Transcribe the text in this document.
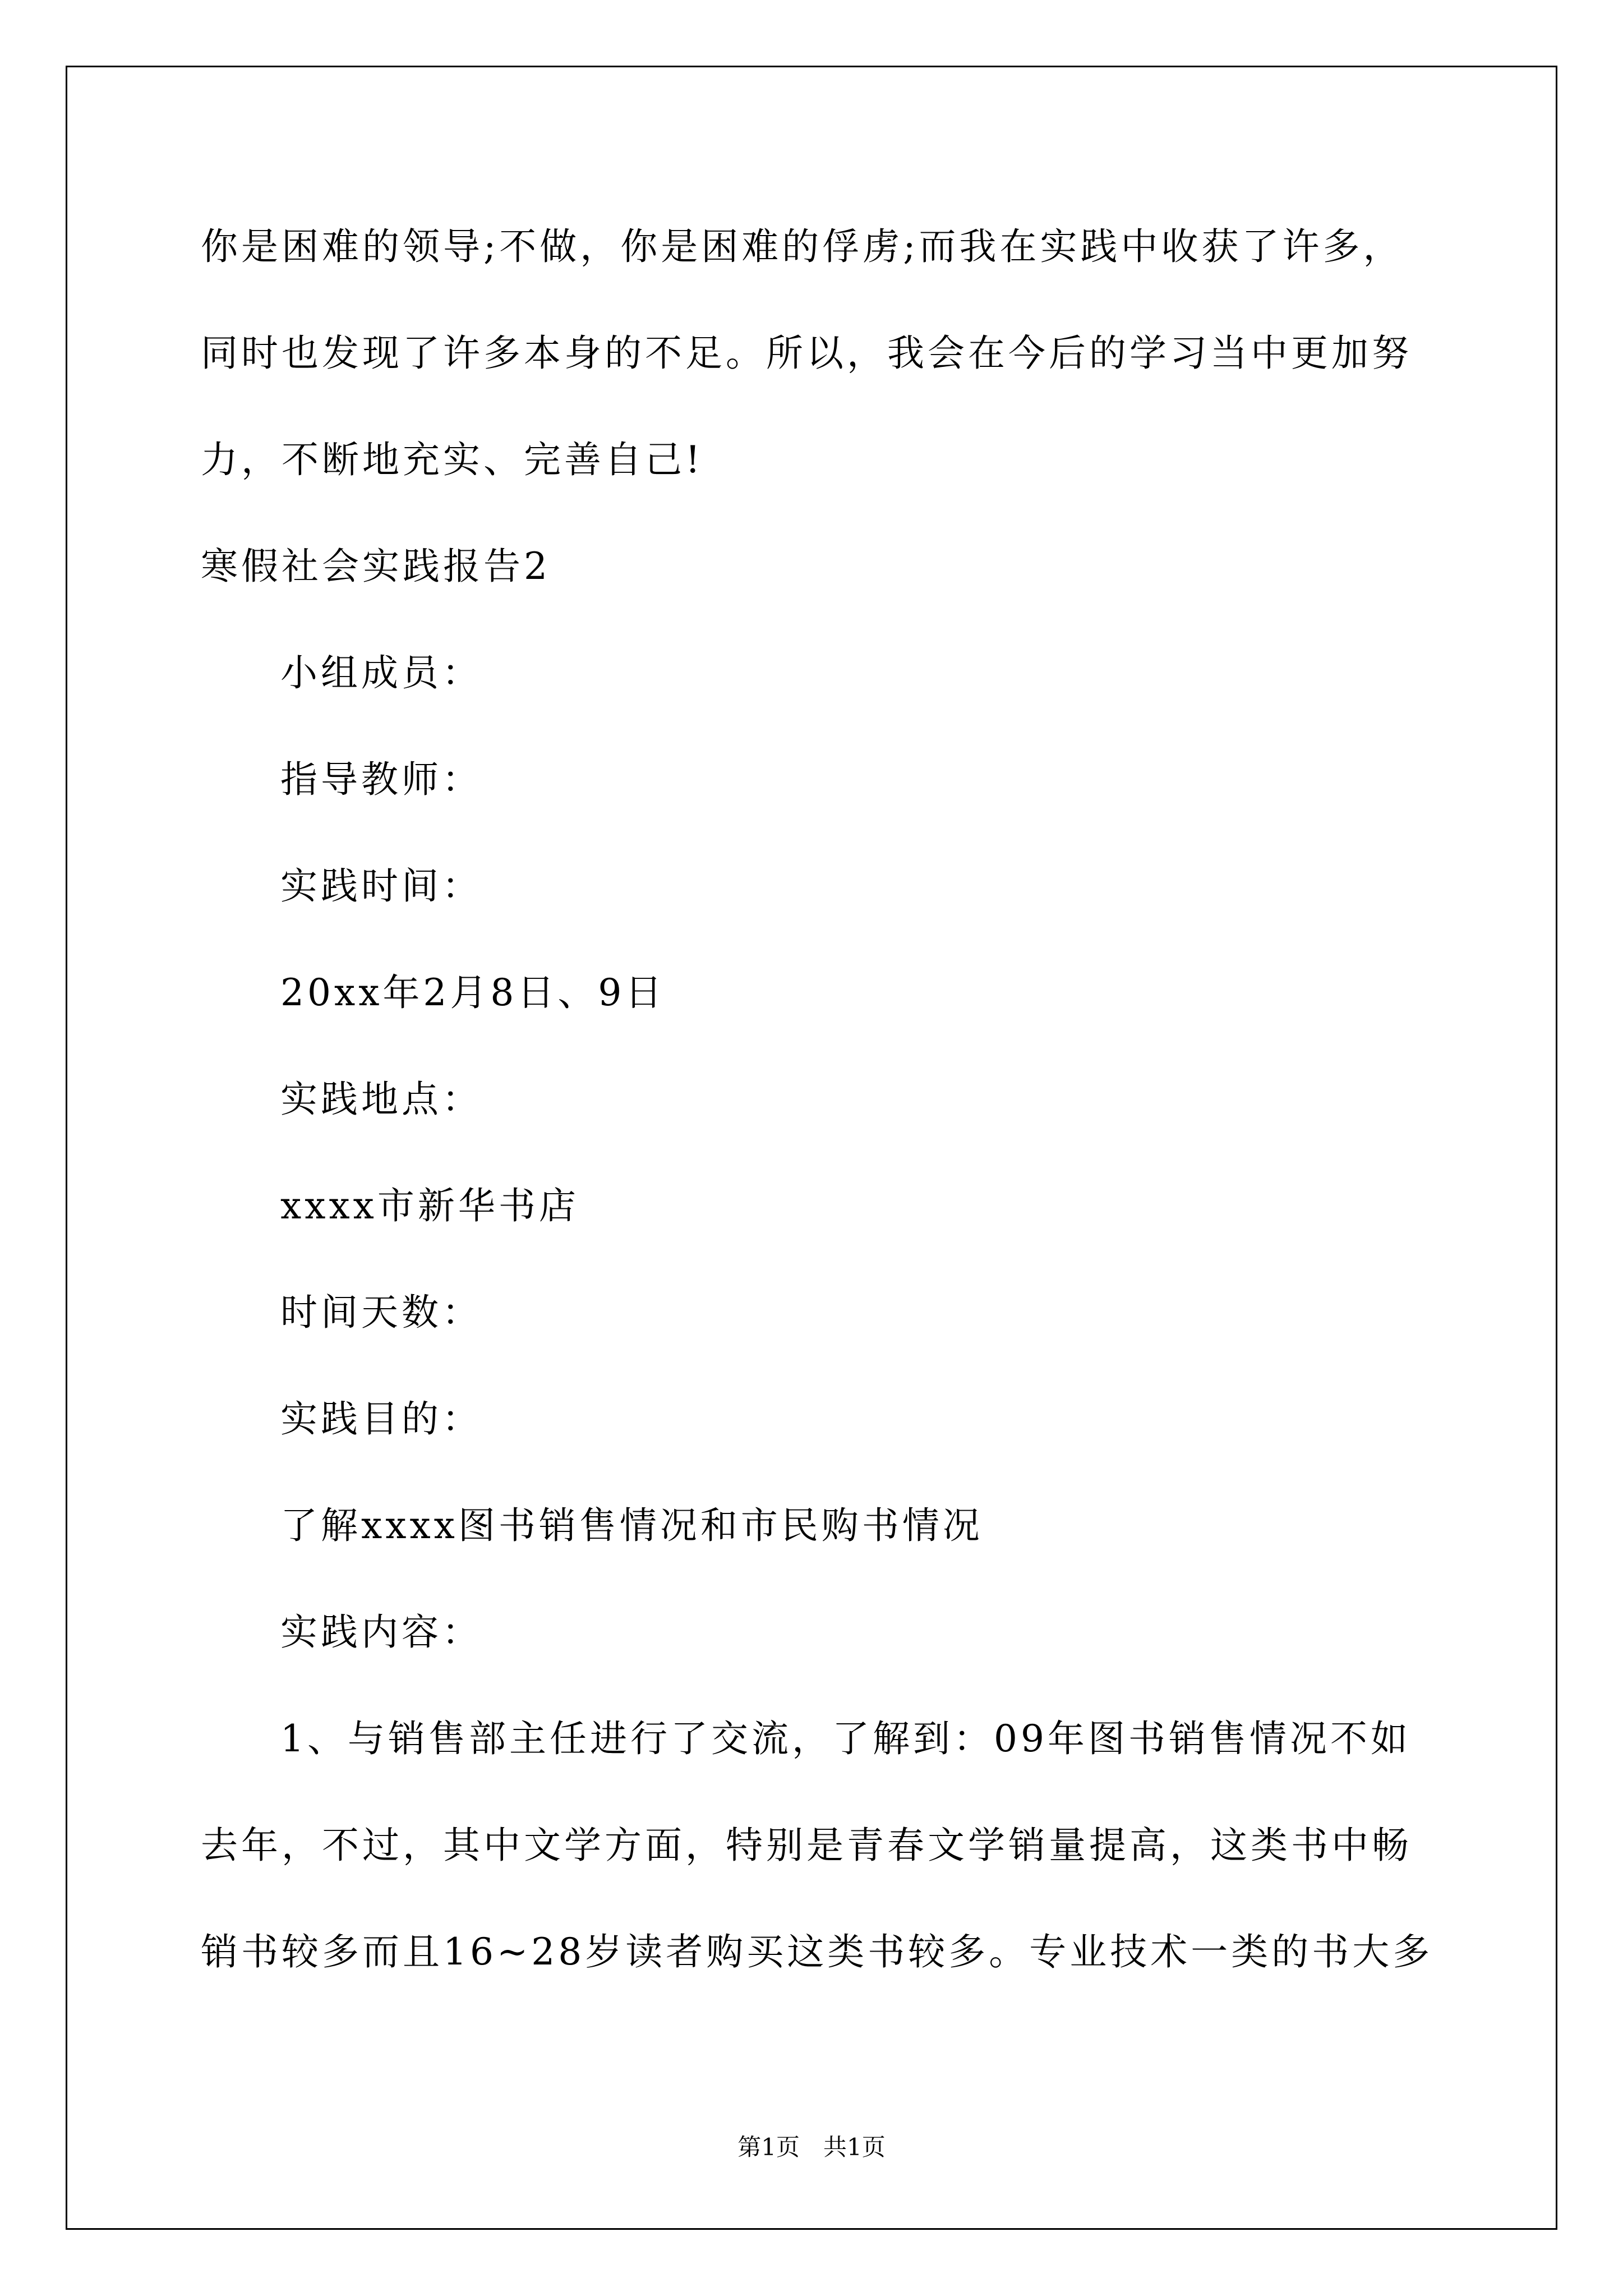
你是困难的领导;不做，你是困难的俘虏;而我在实践中收获了许多，
同时也发现了许多本身的不足。所以，我会在今后的学习当中更加努
力，不断地充实、完善自己!
寒假社会实践报告2
小组成员：
指导教师：
实践时间：
20xx年2月8日、9日
实践地点：
xxxx市新华书店
时间天数：
实践目的：
了解xxxx图书销售情况和市民购书情况
实践内容：
1、与销售部主任进行了交流，了解到：09年图书销售情况不如
去年，不过，其中文学方面，特别是青春文学销量提高，这类书中畅
销书较多而且16~28岁读者购买这类书较多。专业技术一类的书大多
第1页　共1页
